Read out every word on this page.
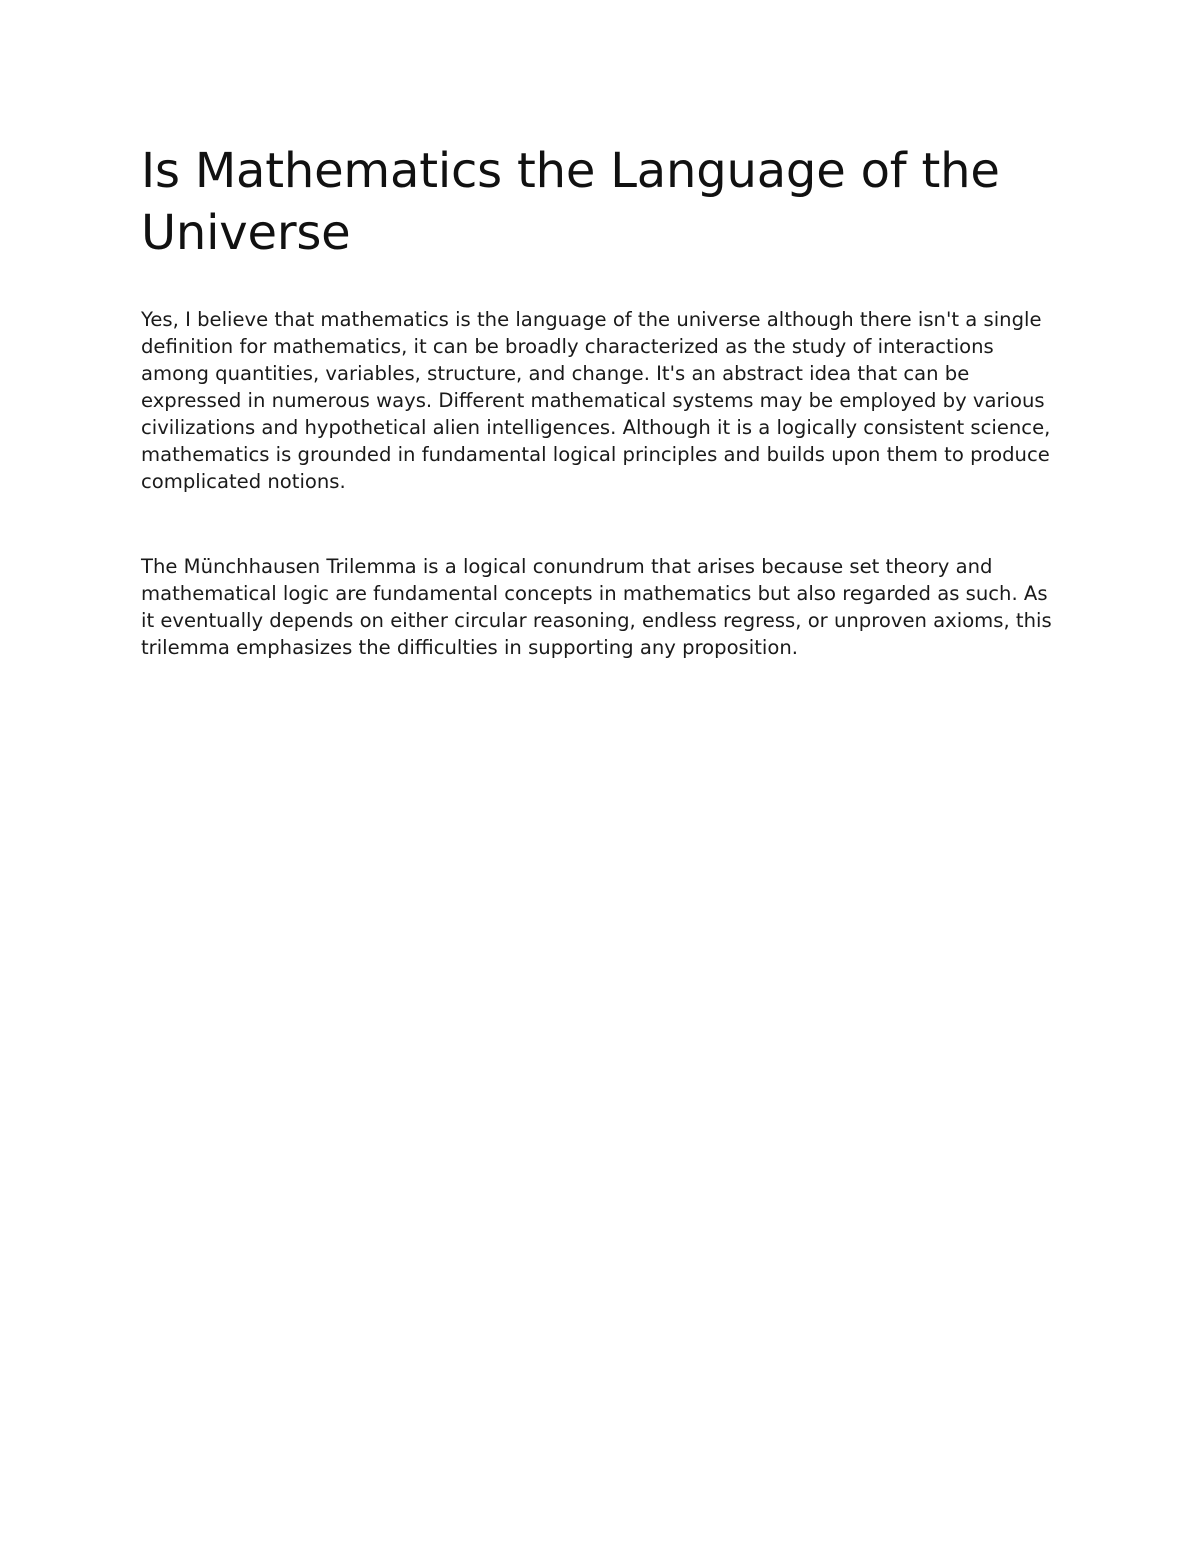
Is Mathematics the Language of the Universe

Yes, I believe that mathematics is the language of the universe although there isn't a single definition for mathematics, it can be broadly characterized as the study of interactions among quantities, variables, structure, and change. It's an abstract idea that can be expressed in numerous ways. Different mathematical systems may be employed by various civilizations and hypothetical alien intelligences. Although it is a logically consistent science, mathematics is grounded in fundamental logical principles and builds upon them to produce complicated notions.

The Münchhausen Trilemma is a logical conundrum that arises because set theory and mathematical logic are fundamental concepts in mathematics but also regarded as such. As it eventually depends on either circular reasoning, endless regress, or unproven axioms, this trilemma emphasizes the difficulties in supporting any proposition.
